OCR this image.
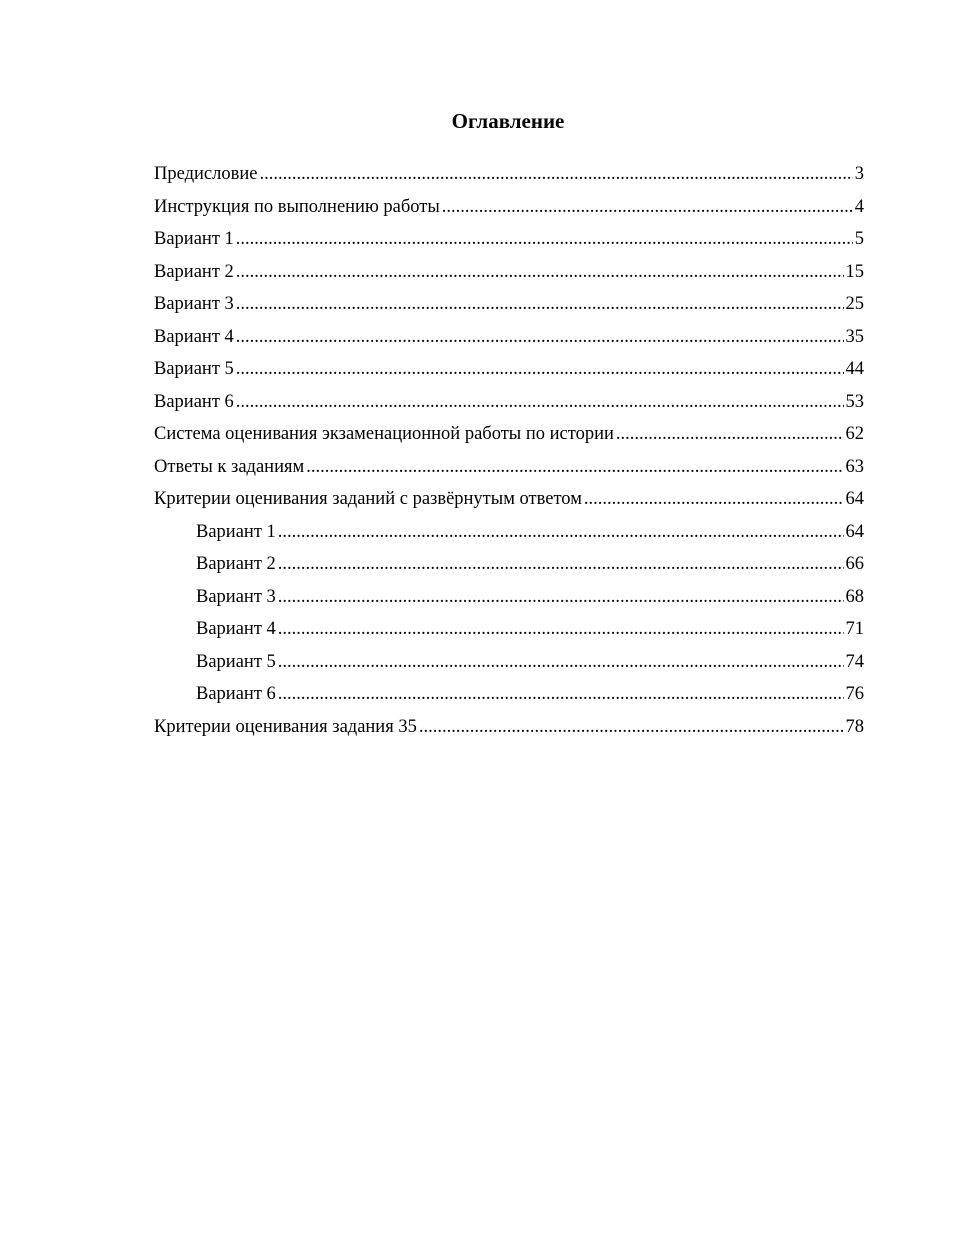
Оглавление
Предисловие .....	3
Инструкция по выполнению работы .....	4
Вариант 1 .....	5
Вариант 2 .....	15
Вариант 3 .....	25
Вариант 4 .....	35
Вариант 5 .....	44
Вариант 6 .....	53
Система оценивания экзаменационной работы по истории .....	62
Ответы к заданиям .....	63
Критерии оценивания заданий с развёрнутым ответом .....	64
Вариант 1 .....	64
Вариант 2 .....	66
Вариант 3 .....	68
Вариант 4 .....	71
Вариант 5 .....	74
Вариант 6 .....	76
Критерии оценивания задания 35 .....	78
